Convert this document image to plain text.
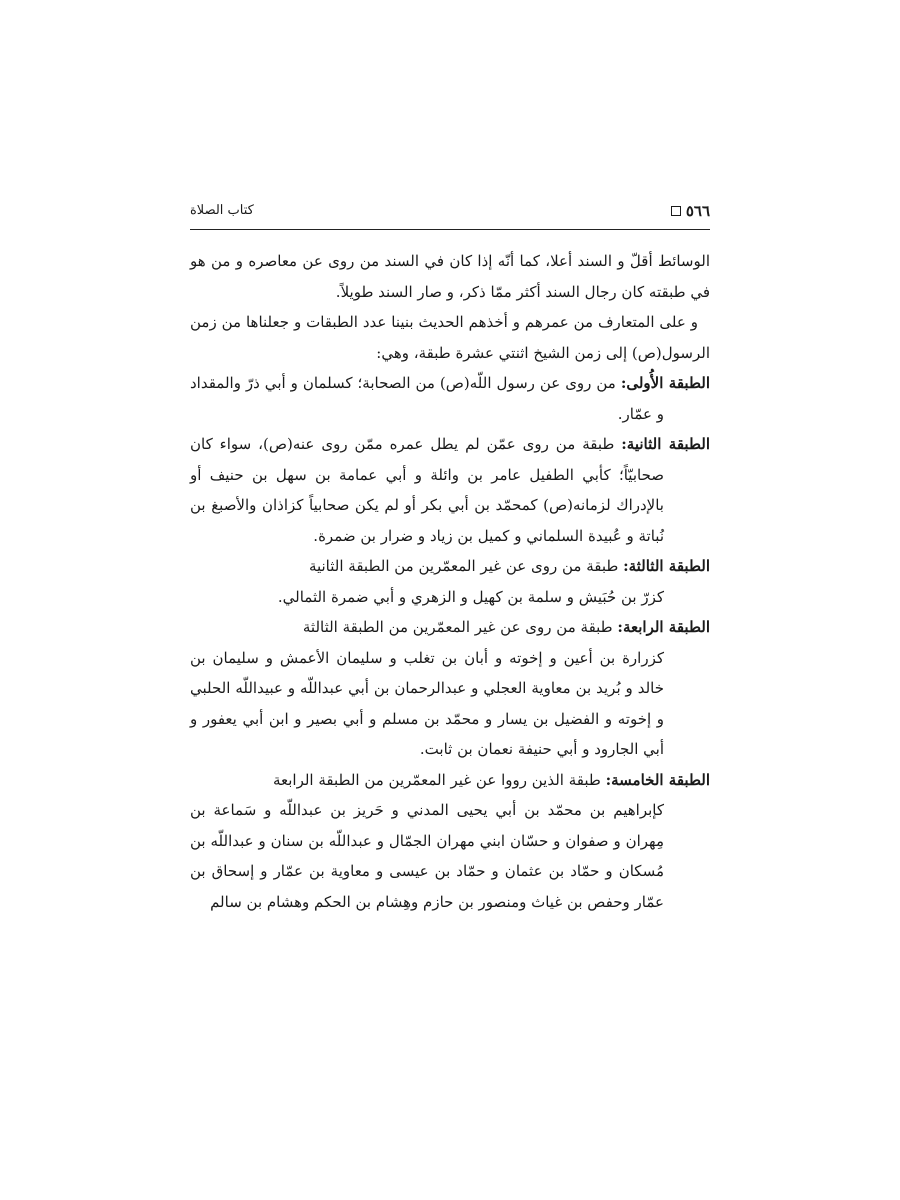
٥٦٦
كتاب الصلاة

الوسائط أقلّ و السند أعلا، كما أنّه إذا كان في السند من روى عن معاصره و من هو في طبقته كان رجال السند أكثر ممّا ذكر، و صار السند طويلاً.

و على المتعارف من عمرهم و أخذهم الحديث بنينا عدد الطبقات و جعلناها من زمن الرسول(ص) إلى زمن الشيخ اثنتي عشرة طبقة، وهي:

الطبقة الأُولى: من روى عن رسول اللّه(ص) من الصحابة؛ كسلمان و أبي ذرّ والمقداد و عمّار.

الطبقة الثانية: طبقة من روى عمّن لم يطل عمره ممّن روى عنه(ص)، سواء كان صحابيّاً؛ كأبي الطفيل عامر بن وائلة و أبي عمامة بن سهل بن حنيف أو بالإدراك لزمانه(ص) كمحمّد بن أبي بكر أو لم يكن صحابياً كزاذان والأصبغ بن نُباتة و عُبيدة السلماني و كميل بن زياد و ضرار بن ضمرة.

الطبقة الثالثة: طبقة من روى عن غير المعمّرين من الطبقة الثانية

كزرّ بن حُبَيش و سلمة بن كهيل و الزهري و أبي ضمرة الثمالي.

الطبقة الرابعة: طبقة من روى عن غير المعمّرين من الطبقة الثالثة

كزرارة بن أعين و إخوته و أبان بن تغلب و سليمان الأعمش و سليمان بن خالد و بُريد بن معاوية العجلي و عبدالرحمان بن أبي عبداللّه و عبيداللّه الحلبي و إخوته و الفضيل بن يسار و محمّد بن مسلم و أبي بصير و ابن أبي يعفور و أبي الجارود و أبي حنيفة نعمان بن ثابت.

الطبقة الخامسة: طبقة الذين رووا عن غير المعمّرين من الطبقة الرابعة

كإبراهيم بن محمّد بن أبي يحيى المدني و حَريز بن عبداللّه و سَماعة بن مِهران و صفوان و حسّان ابني مهران الجمّال و عبداللّه بن سنان و عبداللّه بن مُسكان و حمّاد بن عثمان و حمّاد بن عيسى و معاوية بن عمّار و إسحاق بن عمّار وحفص بن غياث ومنصور بن حازم وهِشام بن الحكم وهشام بن سالم
